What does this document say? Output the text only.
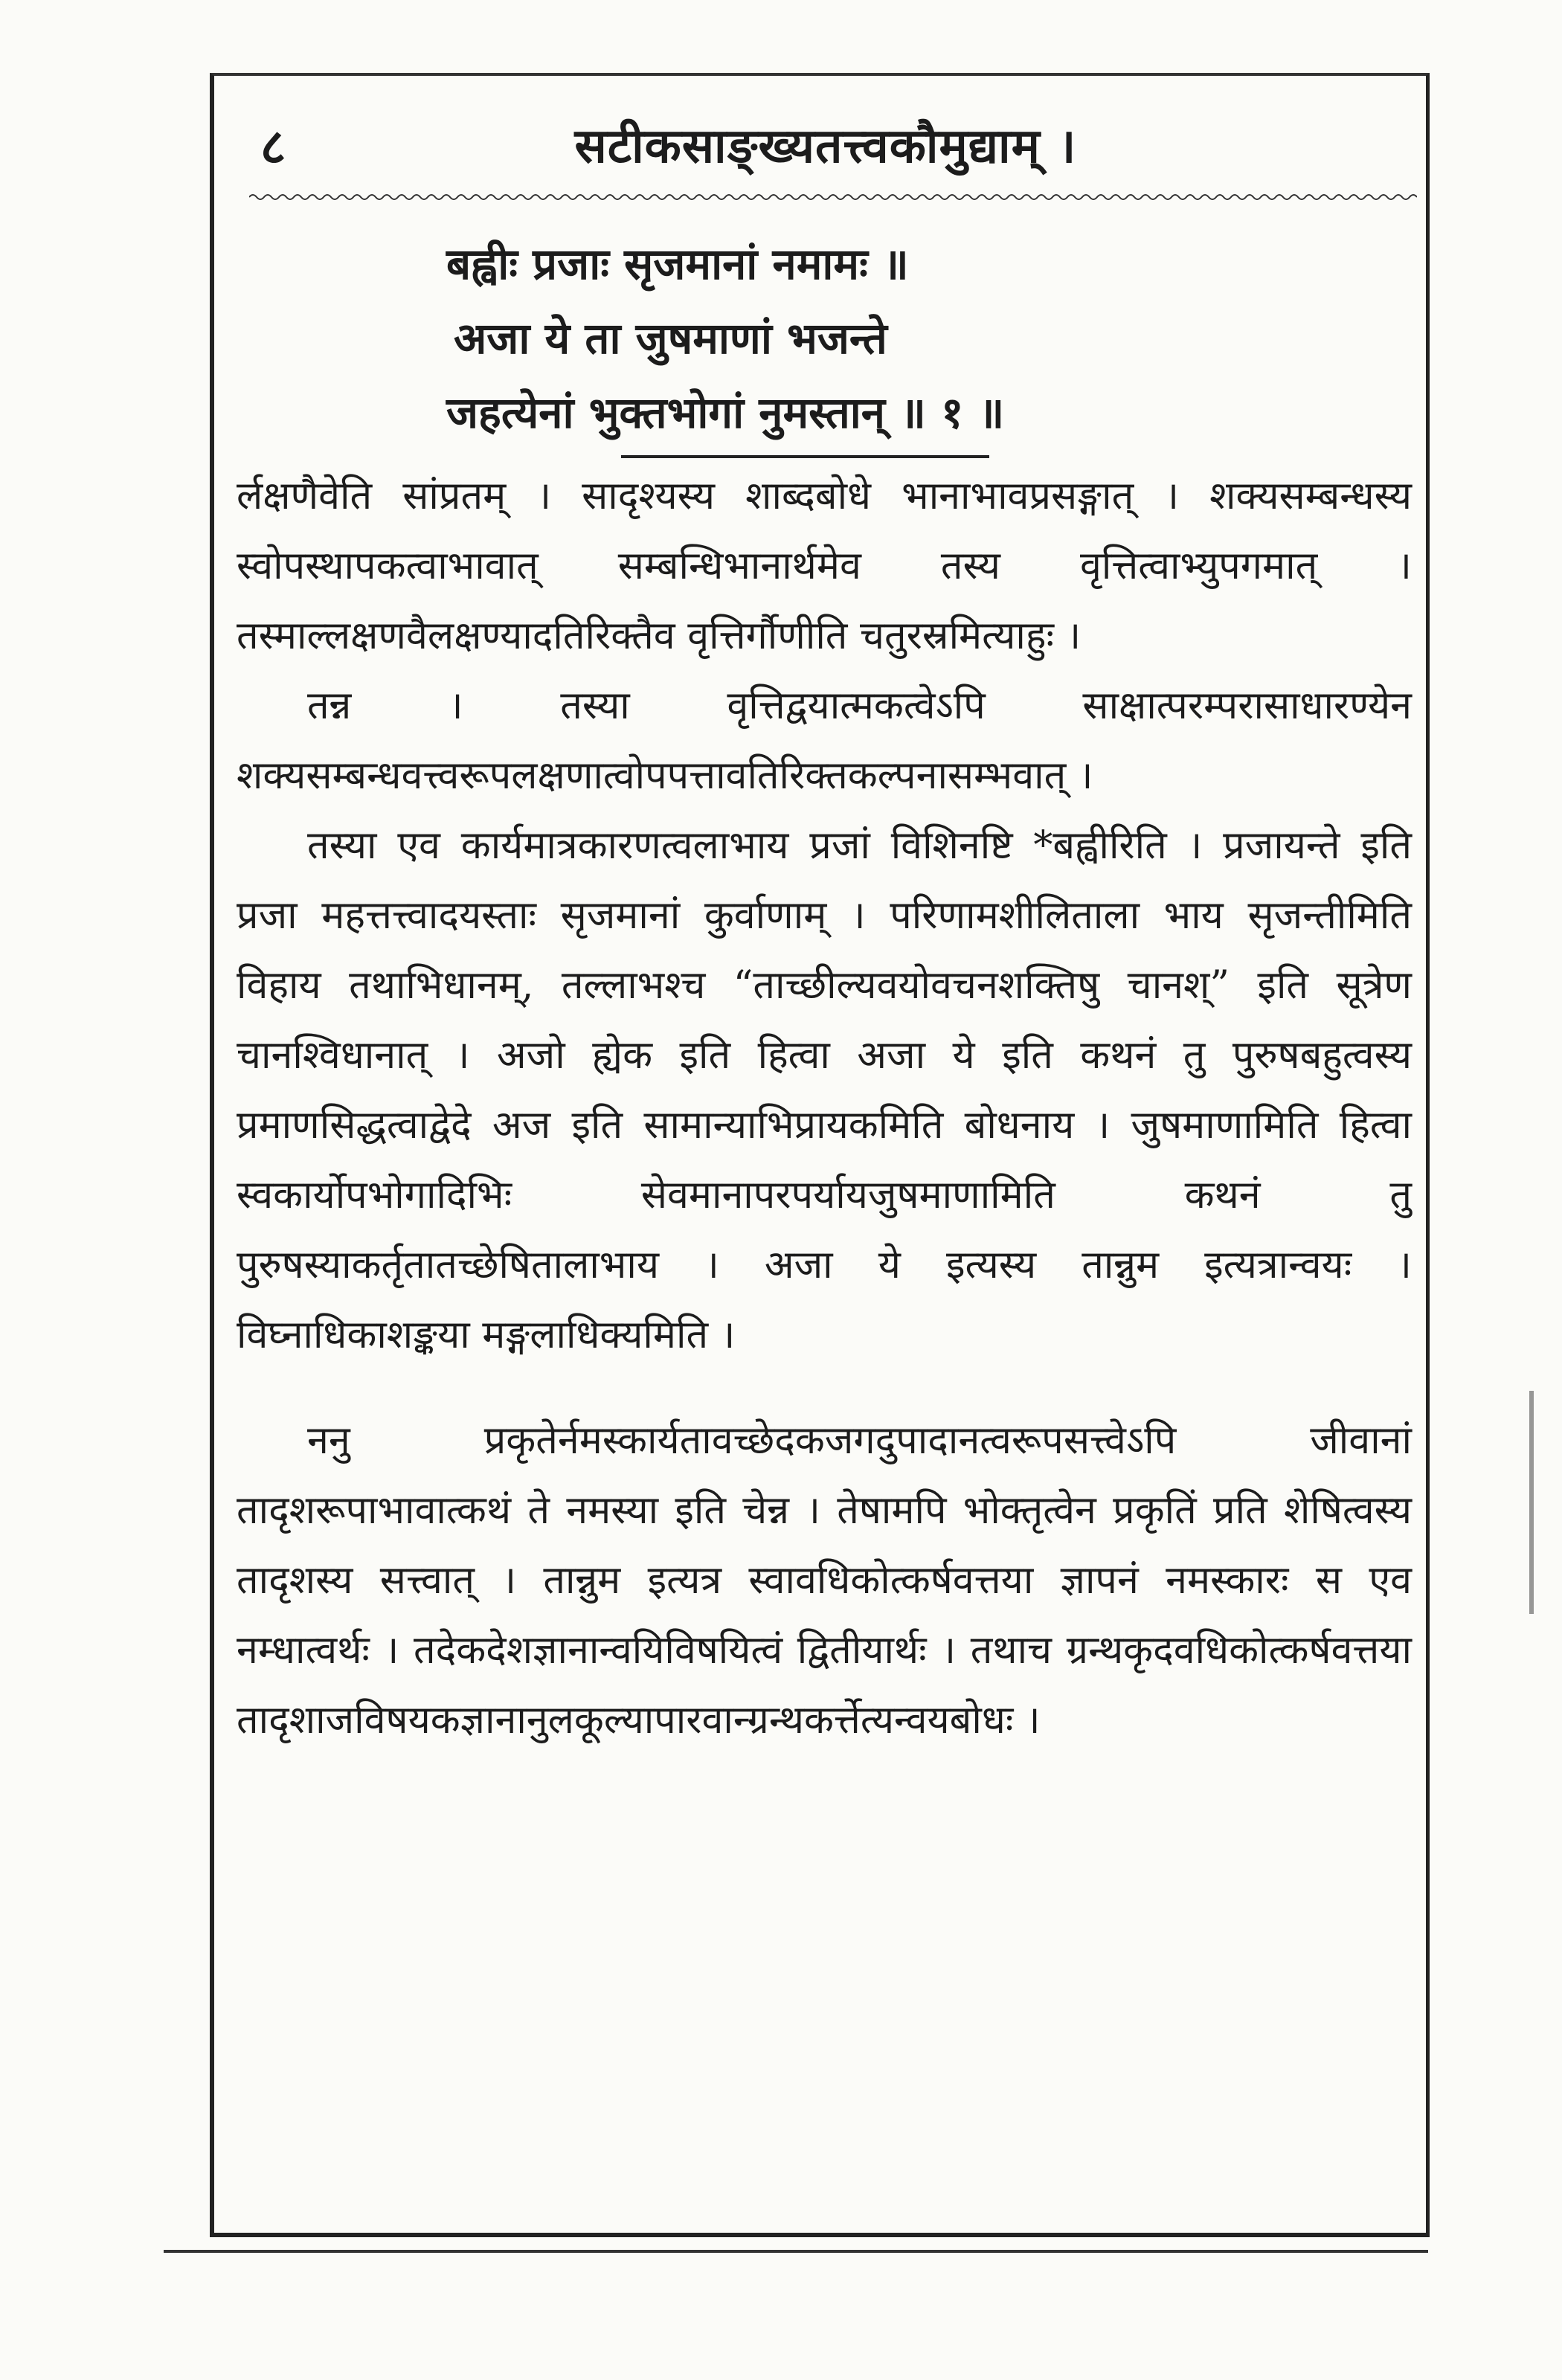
८	सटीकसाङ्ख्यतत्त्वकौमुद्याम् ।
बह्वीः प्रजाः सृजमानां नमामः ॥
अजा ये ता जुषमाणां भजन्ते
जहत्येनां भुक्तभोगां नुमस्तान् ॥ १ ॥

र्लक्षणैवेति सांप्रतम् । सादृश्यस्य शाब्दबोधे भानाभावप्रसङ्गात् । शक्यसम्बन्धस्य स्वोपस्थापकत्वाभावात् सम्बन्धिभानार्थमेव तस्य वृत्तित्वाभ्युपगमात् । तस्माल्लक्षणवैलक्षण्यादतिरिक्तैव वृत्तिर्गौणीति चतुरस्रमित्याहुः ।

तन्न । तस्या वृत्तिद्वयात्मकत्वेऽपि साक्षात्परम्परासाधारण्येन शक्यसम्बन्धवत्त्वरूपलक्षणात्वोपपत्तावतिरिक्तकल्पनासम्भवात् ।

तस्या एव कार्यमात्रकारणत्वलाभाय प्रजां विशिनष्टि *बह्वीरिति । प्रजायन्ते इति प्रजा महत्तत्त्वादयस्ताः सृजमानां कुर्वाणाम् । परिणामशीलिताला भाय सृजन्तीमिति विहाय तथाभिधानम्, तल्लाभश्च “ताच्छील्यवयोवचनशक्तिषु चानश्” इति सूत्रेण चानश्विधानात् । अजो ह्येक इति हित्वा अजा ये इति कथनं तु पुरुषबहुत्वस्य प्रमाणसिद्धत्वाद्वेदे अज इति सामान्याभिप्रायकमिति बोधनाय । जुषमाणामिति हित्वा स्वकार्योपभोगादिभिः सेवमानापरपर्यायजुषमाणामिति कथनं तु पुरुषस्याकर्तृतातच्छेषितालाभाय । अजा ये इत्यस्य तान्नुम इत्यत्रान्वयः । विघ्नाधिकाशङ्कया मङ्गलाधिक्यमिति ।

ननु प्रकृतेर्नमस्कार्यतावच्छेदकजगदुपादानत्वरूपसत्त्वेऽपि जीवानां तादृशरूपाभावात्कथं ते नमस्या इति चेन्न । तेषामपि भोक्तृत्वेन प्रकृतिं प्रति शेषित्वस्य तादृशस्य सत्त्वात् । तान्नुम इत्यत्र स्वावधिकोत्कर्षवत्तया ज्ञापनं नमस्कारः स एव नम्धात्वर्थः । तदेकदेशज्ञानान्वयिविषयित्वं द्वितीयार्थः । तथाच ग्रन्थकृदवधिकोत्कर्षवत्तया तादृशाजविषयकज्ञानानुलकूल्यापारवान्ग्रन्थकर्त्तेत्यन्वयबोधः ।
